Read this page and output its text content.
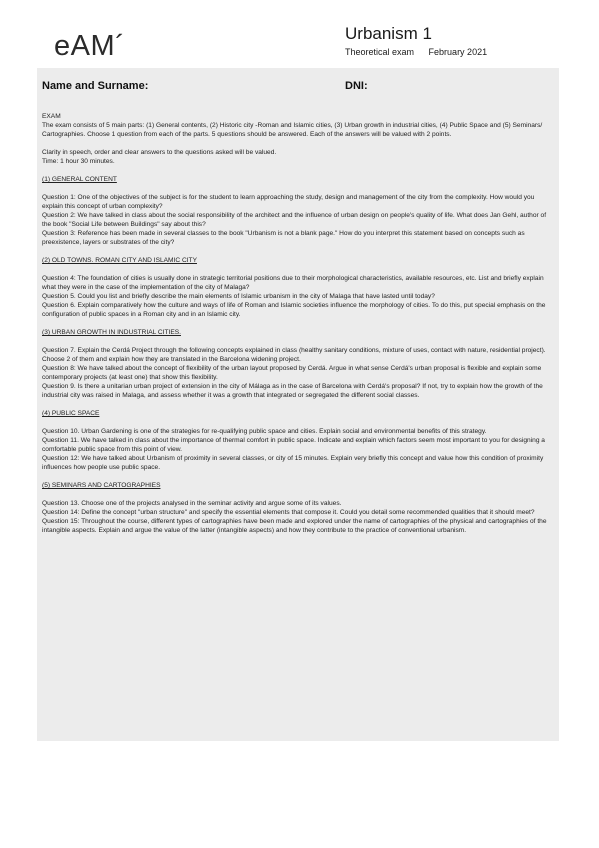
eAM´	Urbanism 1
Theoretical exam February 2021
Name and Surname:	DNI:

EXAM

The exam consists of 5 main parts: (1) General contents, (2) Historic city -Roman and Islamic cities, (3) Urban growth in industrial cities, (4) Public Space and (5) Seminars/ Cartographies. Choose 1 question from each of the parts. 5 questions should be answered. Each of the answers will be valued with 2 points.

Clarity in speech, order and clear answers to the questions asked will be valued.

Time: 1 hour 30 minutes.

(1) GENERAL CONTENT

Question 1: One of the objectives of the subject is for the student to learn approaching the study, design and management of the city from the complexity. How would you explain this concept of urban complexity?

Question 2: We have talked in class about the social responsibility of the architect and the influence of urban design on people's quality of life. What does Jan Gehl, author of the book "Social Life between Buildings" say about this?

Question 3: Reference has been made in several classes to the book "Urbanism is not a blank page." How do you interpret this statement based on concepts such as preexistence, layers or substrates of the city?

(2) OLD TOWNS. ROMAN CITY AND ISLAMIC CITY

Question 4: The foundation of cities is usually done in strategic territorial positions due to their morphological characteristics, available resources, etc. List and briefly explain what they were in the case of the implementation of the city of Malaga?

Question 5. Could you list and briefly describe the main elements of Islamic urbanism in the city of Malaga that have lasted until today?

Question 6. Explain comparatively how the culture and ways of life of Roman and Islamic societies influence the morphology of cities. To do this, put special emphasis on the configuration of public spaces in a Roman city and in an Islamic city.

(3) URBAN GROWTH IN INDUSTRIAL CITIES.

Question 7. Explain the Cerdá Project through the following concepts explained in class (healthy sanitary conditions, mixture of uses, contact with nature, residential project). Choose 2 of them and explain how they are translated in the Barcelona widening project.

Question 8: We have talked about the concept of flexibility of the urban layout proposed by Cerdá. Argue in what sense Cerdá's urban proposal is flexible and explain some contemporary projects (at least one) that show this flexibility.

Question 9. Is there a unitarian urban project of extension in the city of Málaga as in the case of Barcelona with Cerdá's proposal? If not, try to explain how the growth of the industrial city was raised in Malaga, and assess whether it was a growth that integrated or segregated the different social classes.

(4) PUBLIC SPACE

Question 10. Urban Gardening is one of the strategies for re-qualifying public space and cities. Explain social and environmental benefits of this strategy.

Question 11. We have talked in class about the importance of thermal comfort in public space. Indicate and explain which factors seem most important to you for designing a comfortable public space from this point of view.

Question 12: We have talked about Urbanism of proximity in several classes, or city of 15 minutes. Explain very briefly this concept and value how this condition of proximity influences how people use public space.

(5) SEMINARS AND CARTOGRAPHIES

Question 13. Choose one of the projects analysed in the seminar activity and argue some of its values.

Question 14: Define the concept "urban structure" and specify the essential elements that compose it. Could you detail some recommended qualities that it should meet?

Question 15: Throughout the course, different types of cartographies have been made and explored under the name of cartographies of the physical and cartographies of the intangible aspects. Explain and argue the value of the latter (intangible aspects) and how they contribute to the practice of conventional urbanism.
